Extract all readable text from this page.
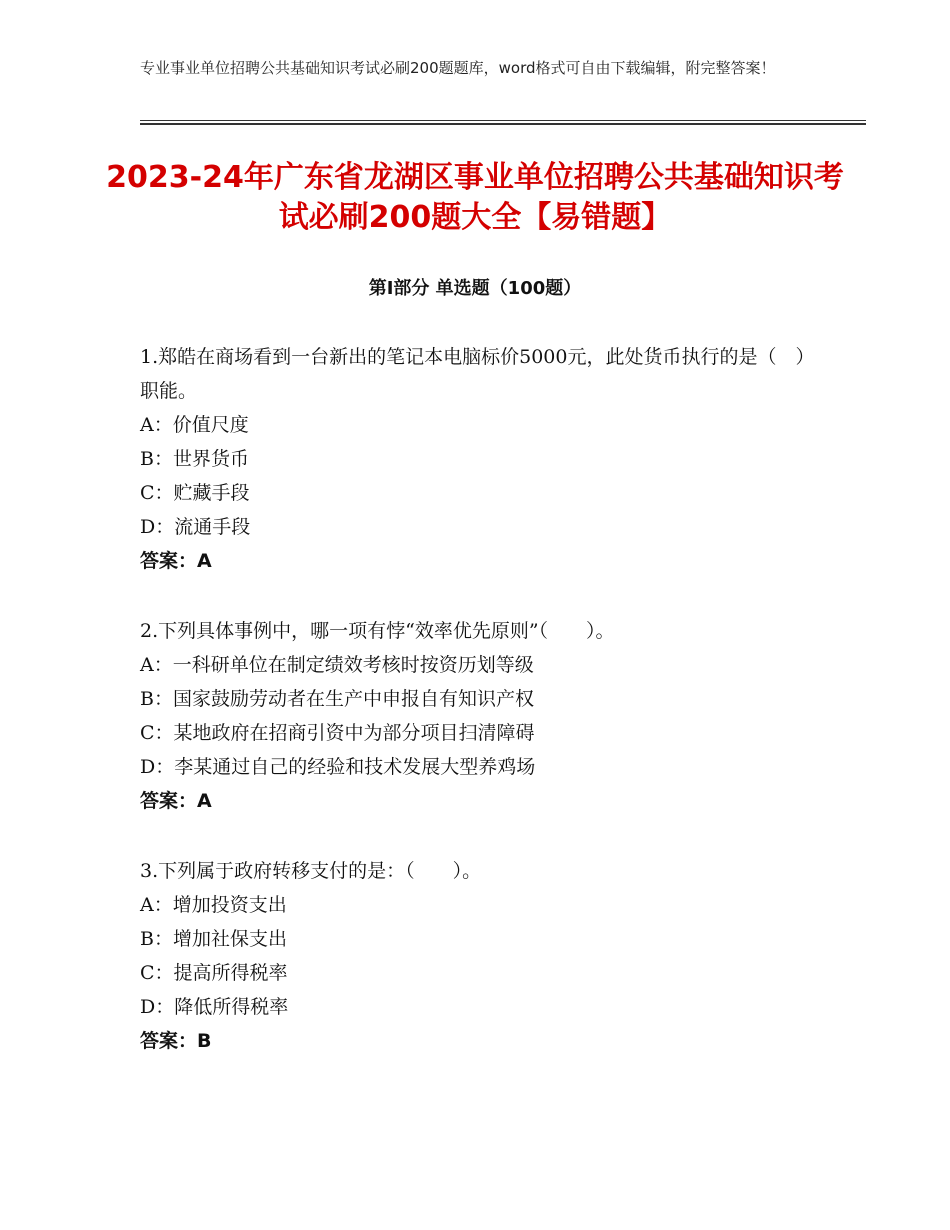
专业事业单位招聘公共基础知识考试必刷200题题库，word格式可自由下载编辑，附完整答案！
2023-24年广东省龙湖区事业单位招聘公共基础知识考试必刷200题大全【易错题】
第Ⅰ部分 单选题（100题）

1.郑皓在商场看到一台新出的笔记本电脑标价5000元，此处货币执行的是（　）职能。

A：价值尺度

B：世界货币

C：贮藏手段

D：流通手段

答案：A

2.下列具体事例中，哪一项有悖“效率优先原则”（　　）。

A：一科研单位在制定绩效考核时按资历划等级

B：国家鼓励劳动者在生产中申报自有知识产权

C：某地政府在招商引资中为部分项目扫清障碍

D：李某通过自己的经验和技术发展大型养鸡场

答案：A

3.下列属于政府转移支付的是：（　　）。

A：增加投资支出

B：增加社保支出

C：提高所得税率

D：降低所得税率

答案：B
